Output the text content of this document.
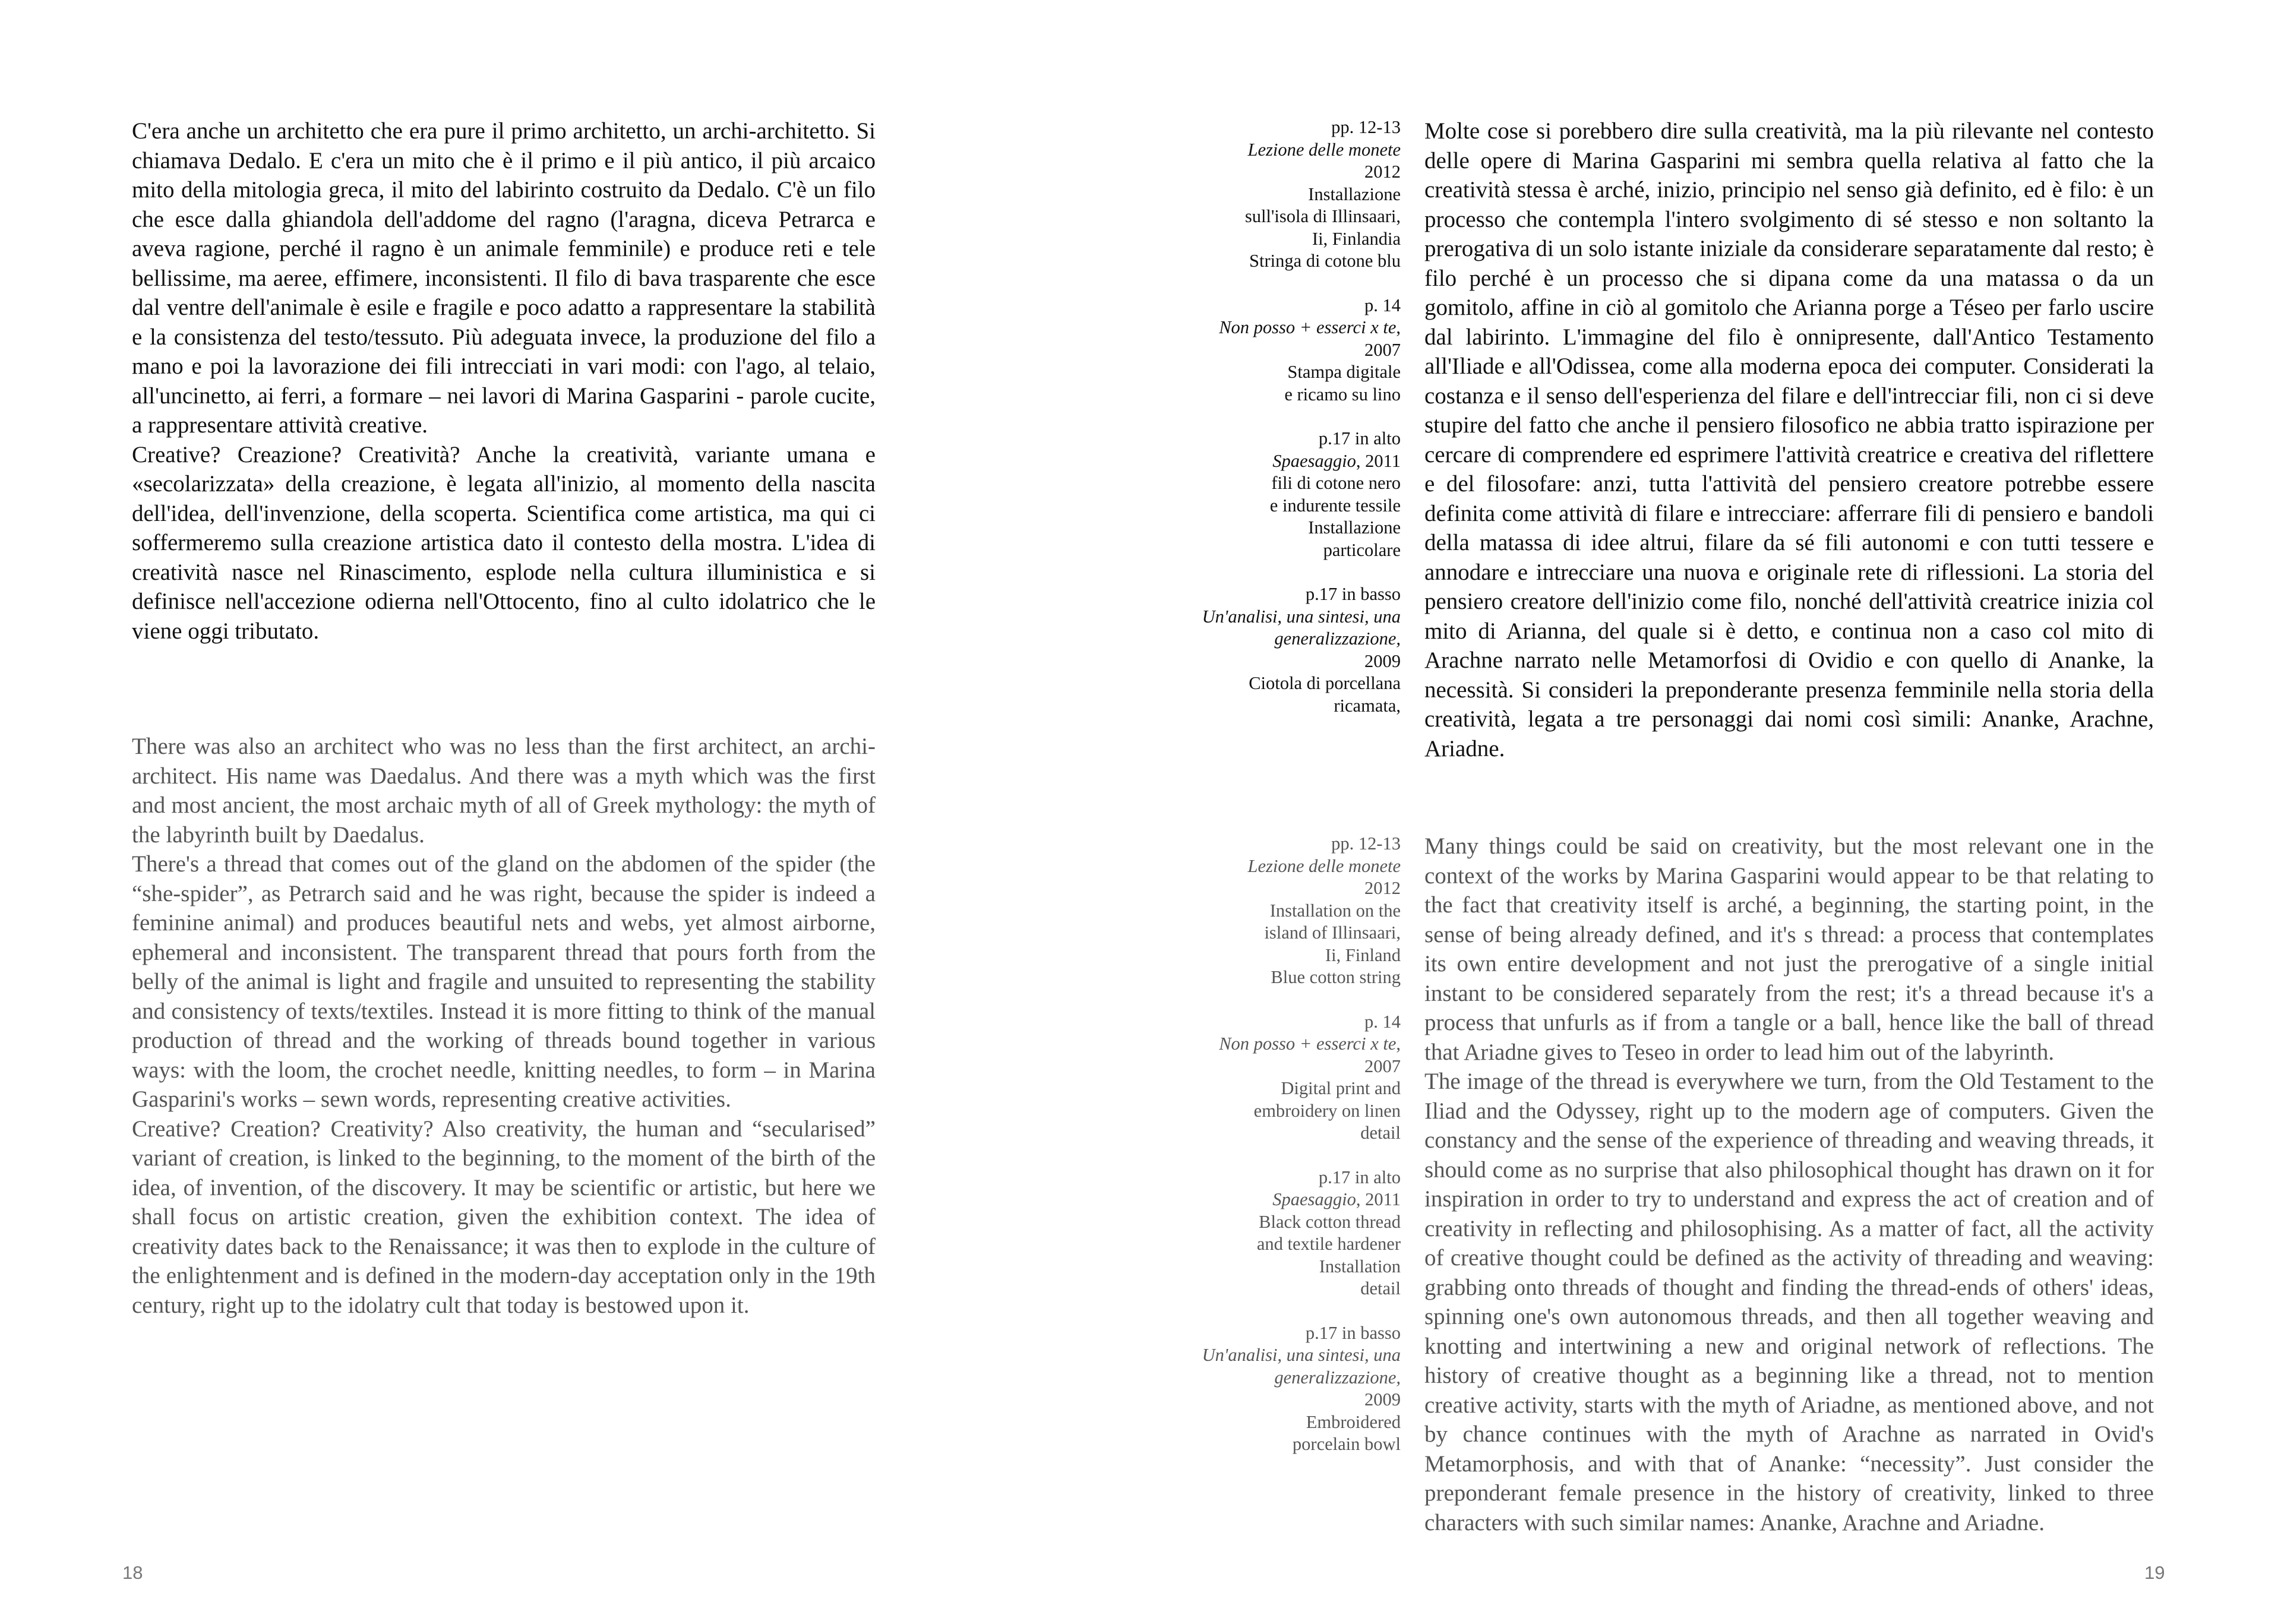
C'era anche un architetto che era pure il primo architetto, un archi-architetto. Si chiamava Dedalo. E c'era un mito che è il primo e il più antico, il più arcaico mito della mitologia greca, il mito del labirinto costruito da Dedalo. C'è un filo che esce dalla ghiandola dell'addome del ragno (l'aragna, diceva Petrarca e aveva ragione, perché il ragno è un animale femminile) e produce reti e tele bellissime, ma aeree, effimere, inconsistenti. Il filo di bava trasparente che esce dal ventre dell'animale è esile e fragile e poco adatto a rappresentare la stabilità e la consistenza del testo/tessuto. Più adeguata invece, la produzione del filo a mano e poi la lavorazione dei fili intrecciati in vari modi: con l'ago, al telaio, all'uncinetto, ai ferri, a formare – nei lavori di Marina Gasparini - parole cucite, a rappresentare attività creative.

Creative? Creazione? Creatività? Anche la creatività, variante umana e «secolarizzata» della creazione, è legata all'inizio, al momento della nascita dell'idea, dell'invenzione, della scoperta. Scientifica come artistica, ma qui ci soffermeremo sulla creazione artistica dato il contesto della mostra. L'idea di creatività nasce nel Rinascimento, esplode nella cultura illuministica e si definisce nell'accezione odierna nell'Ottocento, fino al culto idolatrico che le viene oggi tributato.

There was also an architect who was no less than the first architect, an archi-architect. His name was Daedalus. And there was a myth which was the first and most ancient, the most archaic myth of all of Greek mythology: the myth of the labyrinth built by Daedalus.

There's a thread that comes out of the gland on the abdomen of the spider (the “she-spider”, as Petrarch said and he was right, because the spider is indeed a feminine animal) and produces beautiful nets and webs, yet almost airborne, ephemeral and inconsistent. The transparent thread that pours forth from the belly of the animal is light and fragile and unsuited to representing the stability and consistency of texts/textiles. Instead it is more fitting to think of the manual production of thread and the working of threads bound together in various ways: with the loom, the crochet needle, knitting needles, to form – in Marina Gasparini's works – sewn words, representing creative activities.

Creative? Creation? Creativity? Also creativity, the human and “secularised” variant of creation, is linked to the beginning, to the moment of the birth of the idea, of invention, of the discovery. It may be scientific or artistic, but here we shall focus on artistic creation, given the exhibition context. The idea of creativity dates back to the Renaissance; it was then to explode in the culture of the enlightenment and is defined in the modern-day acceptation only in the 19th century, right up to the idolatry cult that today is bestowed upon it.

18
pp. 12-13
Lezione delle monete
2012
Installazione
sull'isola di Illinsaari,
Ii, Finlandia
Stringa di cotone blu
p. 14
Non posso + esserci x te, 2007
Stampa digitale
e ricamo su lino
p.17 in alto
Spaesaggio, 2011
fili di cotone nero
e indurente tessile
Installazione
particolare
p.17 in basso
Un'analisi, una sintesi, una generalizzazione,
2009
Ciotola di porcellana
ricamata,

Molte cose si porebbero dire sulla creatività, ma la più rilevante nel contesto delle opere di Marina Gasparini mi sembra quella relativa al fatto che la creatività stessa è arché, inizio, principio nel senso già definito, ed è filo: è un processo che contempla l'intero svolgimento di sé stesso e non soltanto la prerogativa di un solo istante iniziale da considerare separatamente dal resto; è filo perché è un processo che si dipana come da una matassa o da un gomitolo, affine in ciò al gomitolo che Arianna porge a Téseo per farlo uscire dal labirinto. L'immagine del filo è onnipresente, dall'Antico Testamento all'Iliade e all'Odissea, come alla moderna epoca dei computer. Considerati la costanza e il senso dell'esperienza del filare e dell'intrecciar fili, non ci si deve stupire del fatto che anche il pensiero filosofico ne abbia tratto ispirazione per cercare di comprendere ed esprimere l'attività creatrice e creativa del riflettere e del filosofare: anzi, tutta l'attività del pensiero creatore potrebbe essere definita come attività di filare e intrecciare: afferrare fili di pensiero e bandoli della matassa di idee altrui, filare da sé fili autonomi e con tutti tessere e annodare e intrecciare una nuova e originale rete di riflessioni. La storia del pensiero creatore dell'inizio come filo, nonché dell'attività creatrice inizia col mito di Arianna, del quale si è detto, e continua non a caso col mito di Arachne narrato nelle Metamorfosi di Ovidio e con quello di Ananke, la necessità. Si consideri la preponderante presenza femminile nella storia della creatività, legata a tre personaggi dai nomi così simili: Ananke, Arachne, Ariadne.

pp. 12-13
Lezione delle monete
2012
Installation on the
island of Illinsaari,
Ii, Finland
Blue cotton string
p. 14
Non posso + esserci x te, 2007
Digital print and
embroidery on linen
detail
p.17 in alto
Spaesaggio, 2011
Black cotton thread
and textile hardener
Installation
detail
p.17 in basso
Un'analisi, una sintesi, una generalizzazione,
2009
Embroidered
porcelain bowl

Many things could be said on creativity, but the most relevant one in the context of the works by Marina Gasparini would appear to be that relating to the fact that creativity itself is arché, a beginning, the starting point, in the sense of being already defined, and it's s thread: a process that contemplates its own entire development and not just the prerogative of a single initial instant to be considered separately from the rest; it's a thread because it's a process that unfurls as if from a tangle or a ball, hence like the ball of thread that Ariadne gives to Teseo in order to lead him out of the labyrinth.

The image of the thread is everywhere we turn, from the Old Testament to the Iliad and the Odyssey, right up to the modern age of computers. Given the constancy and the sense of the experience of threading and weaving threads, it should come as no surprise that also philosophical thought has drawn on it for inspiration in order to try to understand and express the act of creation and of creativity in reflecting and philosophising. As a matter of fact, all the activity of creative thought could be defined as the activity of threading and weaving: grabbing onto threads of thought and finding the thread-ends of others' ideas, spinning one's own autonomous threads, and then all together weaving and knotting and intertwining a new and original network of reflections. The history of creative thought as a beginning like a thread, not to mention creative activity, starts with the myth of Ariadne, as mentioned above, and not by chance continues with the myth of Arachne as narrated in Ovid's Metamorphosis, and with that of Ananke: “necessity”. Just consider the preponderant female presence in the history of creativity, linked to three characters with such similar names: Ananke, Arachne and Ariadne.

19
